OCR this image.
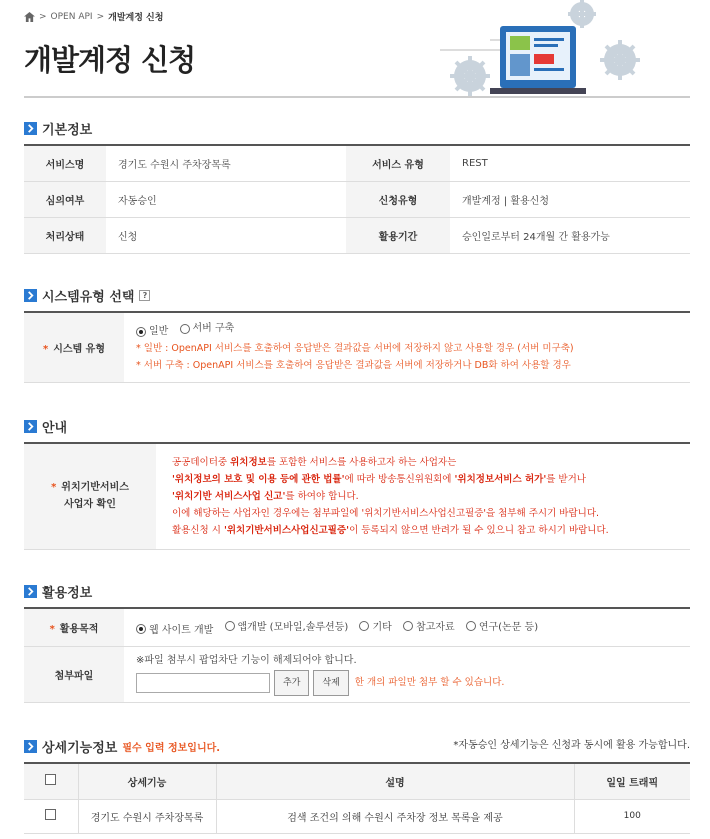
> OPEN API > 개발계정 신청
개발계정 신청
기본정보
서비스명	경기도 수원시 주차장목록	서비스 유형	REST
심의여부	자동승인	신청유형	개발계정 | 활용신청
처리상태	신청	활용기간	승인일로부터 24개월 간 활용가능
시스템유형 선택	?
* 시스템 유형	
일반
서버 구축
* 일반 : OpenAPI 서비스를 호출하여 응답받은 결과값을 서버에 저장하지 않고 사용할 경우 (서버 미구축)
* 서버 구축 : OpenAPI 서비스를 호출하여 응답받은 결과값을 서버에 저장하거나 DB화 하여 사용할 경우
안내
* 위치기반서비스
사업자 확인

공공데이터중 위치정보를 포함한 서비스를 사용하고자 하는 사업자는
'위치정보의 보호 및 이용 등에 관한 법률'에 따라 방송통신위원회에 '위치정보서비스 허가'를 받거나
'위치기반 서비스사업 신고'를 하여야 합니다.
이에 해당하는 사업자인 경우에는 첨부파일에 '위치기반서비스사업신고필증'을 첨부해 주시기 바랍니다.
활용신청 시 '위치기반서비스사업신고필증'이 등록되지 않으면 반려가 될 수 있으니 참고 하시기 바랍니다.
활용정보
* 활용목적	웹 사이트 개발
앱개발 (모바일,솔루션등)
기타
참고자료
연구(논문 등)

첨부파일	※파일 첨부시 팝업차단 기능이 해제되어야 합니다.
추가 삭제 한 개의 파일만 첨부 할 수 있습니다.
상세기능정보 필수 입력 정보입니다.	*자동승인 상세기능은 신청과 동시에 활용 가능합니다.
	상세기능	설명	일일 트래픽
	경기도 수원시 주차장목록	검색 조건의 의해 수원시 주차장 정보 목록을 제공	100
